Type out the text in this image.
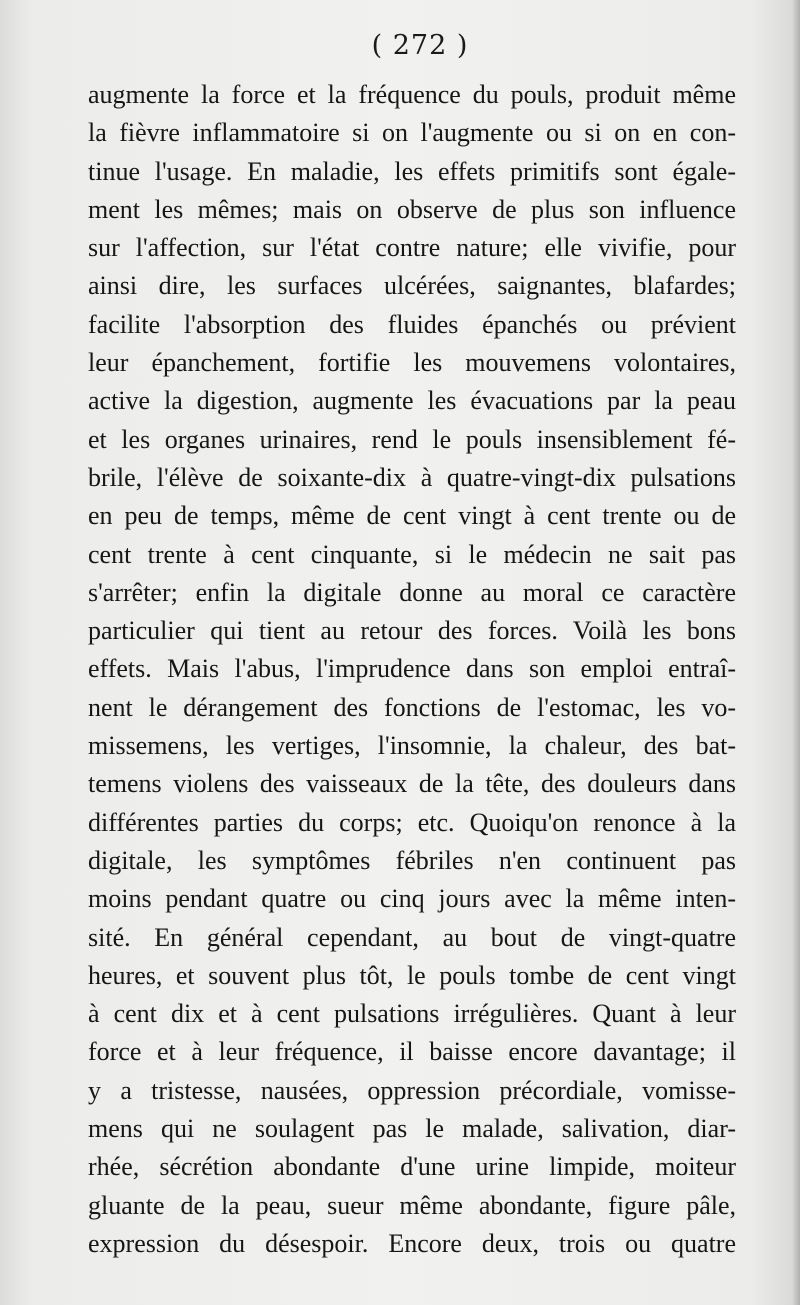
( 272 )
augmente la force et la fréquence du pouls, produit même
la fièvre inflammatoire si on l'augmente ou si on en con-
tinue l'usage. En maladie, les effets primitifs sont égale-
ment les mêmes; mais on observe de plus son influence
sur l'affection, sur l'état contre nature; elle vivifie, pour
ainsi dire, les surfaces ulcérées, saignantes, blafardes;
facilite l'absorption des fluides épanchés ou prévient
leur épanchement, fortifie les mouvemens volontaires,
active la digestion, augmente les évacuations par la peau
et les organes urinaires, rend le pouls insensiblement fé-
brile, l'élève de soixante-dix à quatre-vingt-dix pulsations
en peu de temps, même de cent vingt à cent trente ou de
cent trente à cent cinquante, si le médecin ne sait pas
s'arrêter; enfin la digitale donne au moral ce caractère
particulier qui tient au retour des forces. Voilà les bons
effets. Mais l'abus, l'imprudence dans son emploi entraî-
nent le dérangement des fonctions de l'estomac, les vo-
missemens, les vertiges, l'insomnie, la chaleur, des bat-
temens violens des vaisseaux de la tête, des douleurs dans
différentes parties du corps; etc. Quoiqu'on renonce à la
digitale, les symptômes fébriles n'en continuent pas
moins pendant quatre ou cinq jours avec la même inten-
sité. En général cependant, au bout de vingt-quatre
heures, et souvent plus tôt, le pouls tombe de cent vingt
à cent dix et à cent pulsations irrégulières. Quant à leur
force et à leur fréquence, il baisse encore davantage; il
y a tristesse, nausées, oppression précordiale, vomisse-
mens qui ne soulagent pas le malade, salivation, diar-
rhée, sécrétion abondante d'une urine limpide, moiteur
gluante de la peau, sueur même abondante, figure pâle,
expression du désespoir. Encore deux, trois ou quatre
